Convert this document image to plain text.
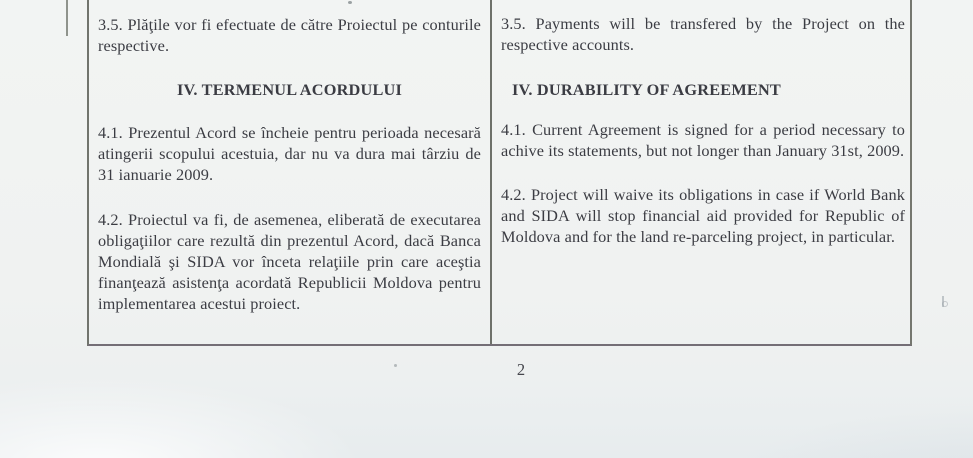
3.5. Plăţile vor fi efectuate de către Proiectul pe conturile respective.

IV. TERMENUL ACORDULUI

4.1. Prezentul Acord se încheie pentru perioada necesară atingerii scopului acestuia, dar nu va dura mai târziu de 31 ianuarie 2009.

4.2. Proiectul va fi, de asemenea, eliberată de executarea obligaţiilor care rezultă din prezentul Acord, dacă Banca Mondială şi SIDA vor înceta relaţiile prin care aceştia finanţează asistenţa acordată Republicii Moldova pentru implementarea acestui proiect.

3.5. Payments will be transfered by the Project on the respective accounts.

IV. DURABILITY OF AGREEMENT

4.1. Current Agreement is signed for a period necessary to achive its statements, but not longer than January 31st, 2009.

4.2. Project will waive its obligations in case if World Bank and SIDA will stop financial aid provided for Republic of Moldova and for the land re-parceling project, in particular.

2
